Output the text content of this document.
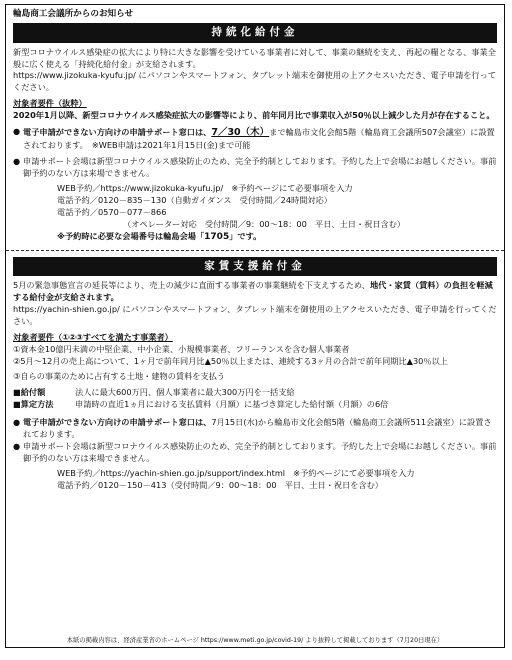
輪島商工会議所からのお知らせ
持続化給付金

新型コロナウイルス感染症の拡大により特に大きな影響を受けている事業者に対して、事業の継続を支え、再起の糧となる、事業全般に広く使える「持続化給付金」が支給されます。

https://www.jizokuka-kyufu.jp/ にパソコンやスマートフォン、タブレット端末を御使用の上アクセスいただき、電子申請を行ってください。

対象者要件（抜粋）

2020年1月以降、新型コロナウイルス感染症拡大の影響等により、前年同月比で事業収入が50％以上減少した月が存在すること。

● 電子申請ができない方向けの申請サポート窓口は、7／30（木）まで輪島市文化会館5階（輪島商工会議所507会議室）に設置されております。　※WEB申請は2021年1月15日(金)まで可能

● 申請サポート会場は新型コロナウイルス感染防止のため、完全予約制としております。予約した上で会場にお越しください。事前御予約のない方は来場できません。

WEB予約／https://www.jizokuka-kyufu.jp/　※予約ページにて必要事項を入力

電話予約／0120－835－130（自動ガイダンス　受付時間／24時間対応）

電話予約／0570－077－866

（オペレーター対応　受付時間／9：00～18：00　平日、土日・祝日含む）

※予約時に必要な会場番号は輪島会場「1705」です。

家賃支援給付金

5月の緊急事態宣言の延長等により、売上の減少に直面する事業者の事業継続を下支えするため、地代・家賃（賃料）の負担を軽減する給付金が支給されます。

https://yachin-shien.go.jp/ にパソコンやスマートフォン、タブレット端末を御使用の上アクセスいただき、電子申請を行ってください。

対象者要件（①②③すべてを満たす事業者）

①資本金10億円未満の中堅企業、中小企業、小規模事業者、フリーランスを含む個人事業者

②5月～12月の売上高について、1ヶ月で前年同月比▲50％以上または、連続する3ヶ月の合計で前年同期比▲30％以上

③自らの事業のために占有する土地・建物の賃料を支払う

■給付額	法人に最大600万円、個人事業者に最大300万円を一括支給
■算定方法	申請時の直近1ヵ月における支払賃料（月額）に基づき算定した給付額（月額）の6倍
● 電子申請ができない方向けの申請サポート窓口は、7月15日(水)から輪島市文化会館5階（輪島商工会議所511会議室）に設置されております。

● 申請サポート会場は新型コロナウイルス感染防止のため、完全予約制としております。予約した上で会場にお越しください。事前御予約のない方は来場できません。

WEB予約／https://yachin-shien.go.jp/support/index.html　※予約ページにて必要事項を入力

電話予約／0120－150－413（受付時間／9：00～18：00　平日、土日・祝日を含む）

本紙の掲載内容は、経済産業省のホームページ https://www.meti.go.jp/covid-19/ より抜粋して掲載しております（7月20日現在）
